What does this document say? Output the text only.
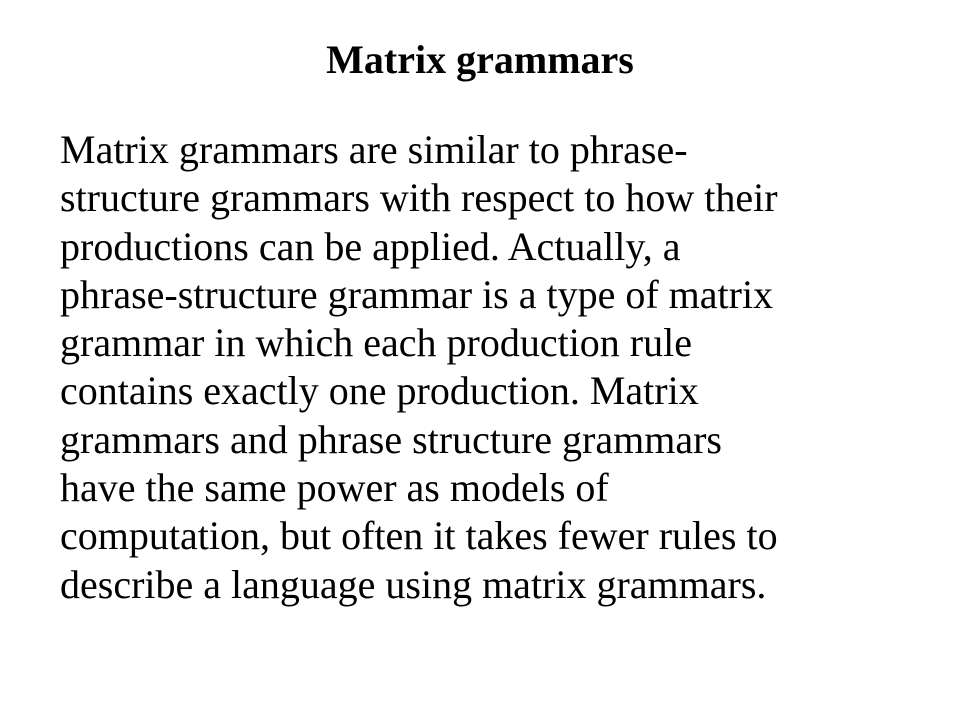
Matrix grammars
Matrix grammars are similar to phrase-
structure grammars with respect to how their
productions can be applied. Actually, a
phrase-structure grammar is a type of matrix
grammar in which each production rule
contains exactly one production. Matrix
grammars and phrase structure grammars
have the same power as models of
computation, but often it takes fewer rules to
describe a language using matrix grammars.
